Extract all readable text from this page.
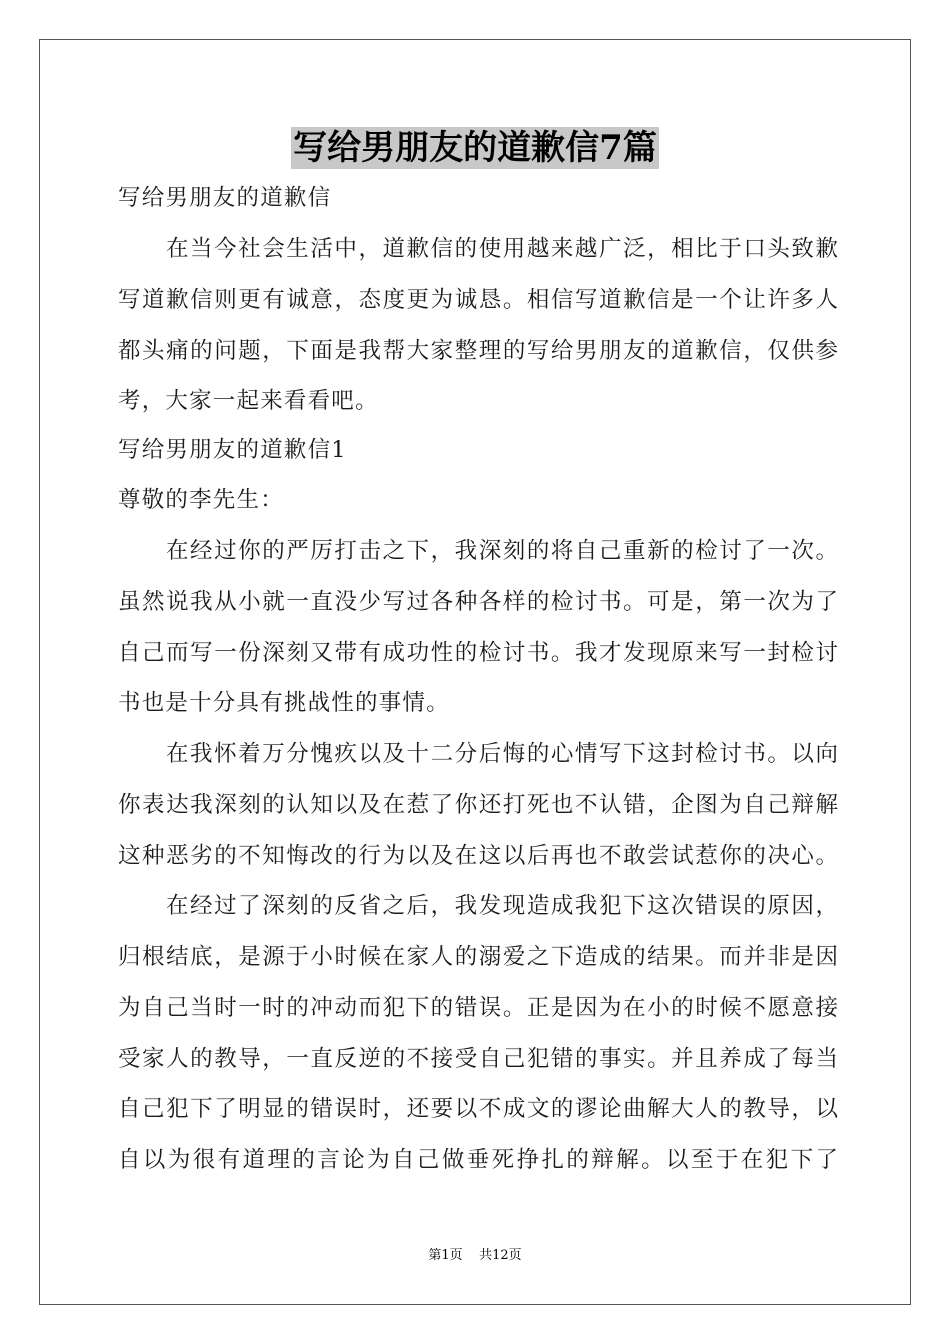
写给男朋友的道歉信7篇
写给男朋友的道歉信
在当今社会生活中，道歉信的使用越来越广泛，相比于口头致歉
写道歉信则更有诚意，态度更为诚恳。相信写道歉信是一个让许多人
都头痛的问题，下面是我帮大家整理的写给男朋友的道歉信，仅供参
考，大家一起来看看吧。
写给男朋友的道歉信1
尊敬的李先生：
在经过你的严厉打击之下，我深刻的将自己重新的检讨了一次。
虽然说我从小就一直没少写过各种各样的检讨书。可是，第一次为了
自己而写一份深刻又带有成功性的检讨书。我才发现原来写一封检讨
书也是十分具有挑战性的事情。
在我怀着万分愧疚以及十二分后悔的心情写下这封检讨书。以向
你表达我深刻的认知以及在惹了你还打死也不认错，企图为自己辩解
这种恶劣的不知悔改的行为以及在这以后再也不敢尝试惹你的决心。
在经过了深刻的反省之后，我发现造成我犯下这次错误的原因，
归根结底，是源于小时候在家人的溺爱之下造成的结果。而并非是因
为自己当时一时的冲动而犯下的错误。正是因为在小的时候不愿意接
受家人的教导，一直反逆的不接受自己犯错的事实。并且养成了每当
自己犯下了明显的错误时，还要以不成文的谬论曲解大人的教导，以
自以为很有道理的言论为自己做垂死挣扎的辩解。以至于在犯下了
第1页    共12页
